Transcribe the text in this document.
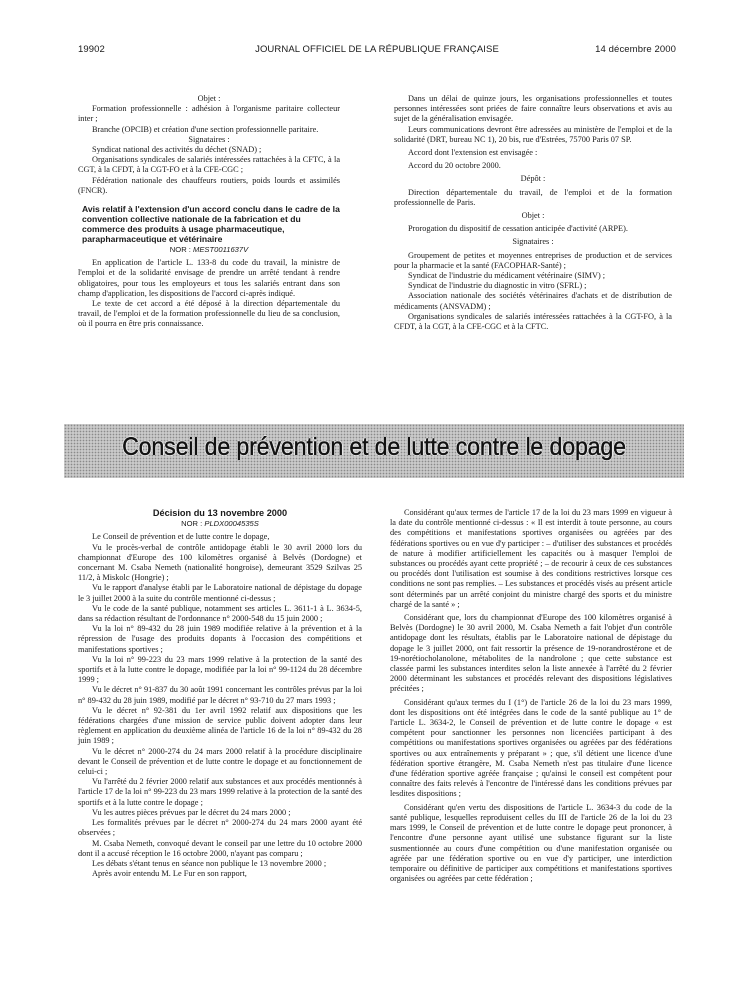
19902	JOURNAL OFFICIEL DE LA RÉPUBLIQUE FRANÇAISE	14 décembre 2000

Objet :

Formation professionnelle : adhésion à l'organisme paritaire collecteur inter ;

Branche (OPCIB) et création d'une section professionnelle paritaire.

Signataires :

Syndicat national des activités du déchet (SNAD) ;

Organisations syndicales de salariés intéressées rattachées à la CFTC, à la CGT, à la CFDT, à la CGT-FO et à la CFE-CGC ;

Fédération nationale des chauffeurs routiers, poids lourds et assimilés (FNCR).

Avis relatif à l'extension d'un accord conclu dans le cadre de la convention collective nationale de la fabrication et du commerce des produits à usage pharmaceutique, parapharmaceutique et vétérinaire

NOR : MESТ0011637V

En application de l'article L. 133-8 du code du travail, la ministre de l'emploi et de la solidarité envisage de prendre un arrêté tendant à rendre obligatoires, pour tous les employeurs et tous les salariés entrant dans son champ d'application, les dispositions de l'accord ci-après indiqué.

Le texte de cet accord a été déposé à la direction départementale du travail, de l'emploi et de la formation professionnelle du lieu de sa conclusion, où il pourra en être pris connaissance.

Dans un délai de quinze jours, les organisations professionnelles et toutes personnes intéressées sont priées de faire connaître leurs observations et avis au sujet de la généralisation envisagée.

Leurs communications devront être adressées au ministère de l'emploi et de la solidarité (DRT, bureau NC 1), 20 bis, rue d'Estrées, 75700 Paris 07 SP.

Accord dont l'extension est envisagée :

Accord du 20 octobre 2000.

Dépôt :

Direction départementale du travail, de l'emploi et de la formation professionnelle de Paris.

Objet :

Prorogation du dispositif de cessation anticipée d'activité (ARPE).

Signataires :

Groupement de petites et moyennes entreprises de production et de services pour la pharmacie et la santé (FACOPHAR-Santé) ;

Syndicat de l'industrie du médicament vétérinaire (SIMV) ;

Syndicat de l'industrie du diagnostic in vitro (SFRL) ;

Association nationale des sociétés vétérinaires d'achats et de distribution de médicaments (ANSVADM) ;

Organisations syndicales de salariés intéressées rattachées à la CGT-FO, à la CFDT, à la CGT, à la CFE-CGC et à la CFTC.

Conseil de prévention et de lutte contre le dopage

Décision du 13 novembre 2000

NOR : PLDX0004535S

Le Conseil de prévention et de lutte contre le dopage,

Vu le procès-verbal de contrôle antidopage établi le 30 avril 2000 lors du championnat d'Europe des 100 kilomètres organisé à Belvès (Dordogne) et concernant M. Csaba Nemeth (nationalité hongroise), demeurant 3529 Szilvas 25 11/2, à Miskolc (Hongrie) ;

Vu le rapport d'analyse établi par le Laboratoire national de dépistage du dopage le 3 juillet 2000 à la suite du contrôle mentionné ci-dessus ;

Vu le code de la santé publique, notamment ses articles L. 3611-1 à L. 3634-5, dans sa rédaction résultant de l'ordonnance n° 2000-548 du 15 juin 2000 ;

Vu la loi n° 89-432 du 28 juin 1989 modifiée relative à la prévention et à la répression de l'usage des produits dopants à l'occasion des compétitions et manifestations sportives ;

Vu la loi n° 99-223 du 23 mars 1999 relative à la protection de la santé des sportifs et à la lutte contre le dopage, modifiée par la loi n° 99-1124 du 28 décembre 1999 ;

Vu le décret n° 91-837 du 30 août 1991 concernant les contrôles prévus par la loi n° 89-432 du 28 juin 1989, modifié par le décret n° 93-710 du 27 mars 1993 ;

Vu le décret n° 92-381 du 1er avril 1992 relatif aux dispositions que les fédérations chargées d'une mission de service public doivent adopter dans leur règlement en application du deuxième alinéa de l'article 16 de la loi n° 89-432 du 28 juin 1989 ;

Vu le décret n° 2000-274 du 24 mars 2000 relatif à la procédure disciplinaire devant le Conseil de prévention et de lutte contre le dopage et au fonctionnement de celui-ci ;

Vu l'arrêté du 2 février 2000 relatif aux substances et aux procédés mentionnés à l'article 17 de la loi n° 99-223 du 23 mars 1999 relative à la protection de la santé des sportifs et à la lutte contre le dopage ;

Vu les autres pièces prévues par le décret du 24 mars 2000 ;

Les formalités prévues par le décret n° 2000-274 du 24 mars 2000 ayant été observées ;

M. Csaba Nemeth, convoqué devant le conseil par une lettre du 10 octobre 2000 dont il a accusé réception le 16 octobre 2000, n'ayant pas comparu ;

Les débats s'étant tenus en séance non publique le 13 novembre 2000 ;

Après avoir entendu M. Le Fur en son rapport,

Considérant qu'aux termes de l'article 17 de la loi du 23 mars 1999 en vigueur à la date du contrôle mentionné ci-dessus : « Il est interdit à toute personne, au cours des compétitions et manifestations sportives organisées ou agréées par des fédérations sportives ou en vue d'y participer : – d'utiliser des substances et procédés de nature à modifier artificiellement les capacités ou à masquer l'emploi de substances ou procédés ayant cette propriété ; – de recourir à ceux de ces substances ou procédés dont l'utilisation est soumise à des conditions restrictives lorsque ces conditions ne sont pas remplies. – Les substances et procédés visés au présent article sont déterminés par un arrêté conjoint du ministre chargé des sports et du ministre chargé de la santé » ;

Considérant que, lors du championnat d'Europe des 100 kilomètres organisé à Belvès (Dordogne) le 30 avril 2000, M. Csaba Nemeth a fait l'objet d'un contrôle antidopage dont les résultats, établis par le Laboratoire national de dépistage du dopage le 3 juillet 2000, ont fait ressortir la présence de 19-norandrostérone et de 19-norétiocholanolone, métabolites de la nandrolone ; que cette substance est classée parmi les substances interdites selon la liste annexée à l'arrêté du 2 février 2000 déterminant les substances et procédés relevant des dispositions législatives précitées ;

Considérant qu'aux termes du I (1°) de l'article 26 de la loi du 23 mars 1999, dont les dispositions ont été intégrées dans le code de la santé publique au 1° de l'article L. 3634-2, le Conseil de prévention et de lutte contre le dopage « est compétent pour sanctionner les personnes non licenciées participant à des compétitions ou manifestations sportives organisées ou agréées par des fédérations sportives ou aux entraînements y préparant » ; que, s'il détient une licence d'une fédération sportive étrangère, M. Csaba Nemeth n'est pas titulaire d'une licence d'une fédération sportive agréée française ; qu'ainsi le conseil est compétent pour connaître des faits relevés à l'encontre de l'intéressé dans les conditions prévues par lesdites dispositions ;

Considérant qu'en vertu des dispositions de l'article L. 3634-3 du code de la santé publique, lesquelles reproduisent celles du III de l'article 26 de la loi du 23 mars 1999, le Conseil de prévention et de lutte contre le dopage peut prononcer, à l'encontre d'une personne ayant utilisé une substance figurant sur la liste susmentionnée au cours d'une compétition ou d'une manifestation organisée ou agréée par une fédération sportive ou en vue d'y participer, une interdiction temporaire ou définitive de participer aux compétitions et manifestations sportives organisées ou agréées par cette fédération ;
